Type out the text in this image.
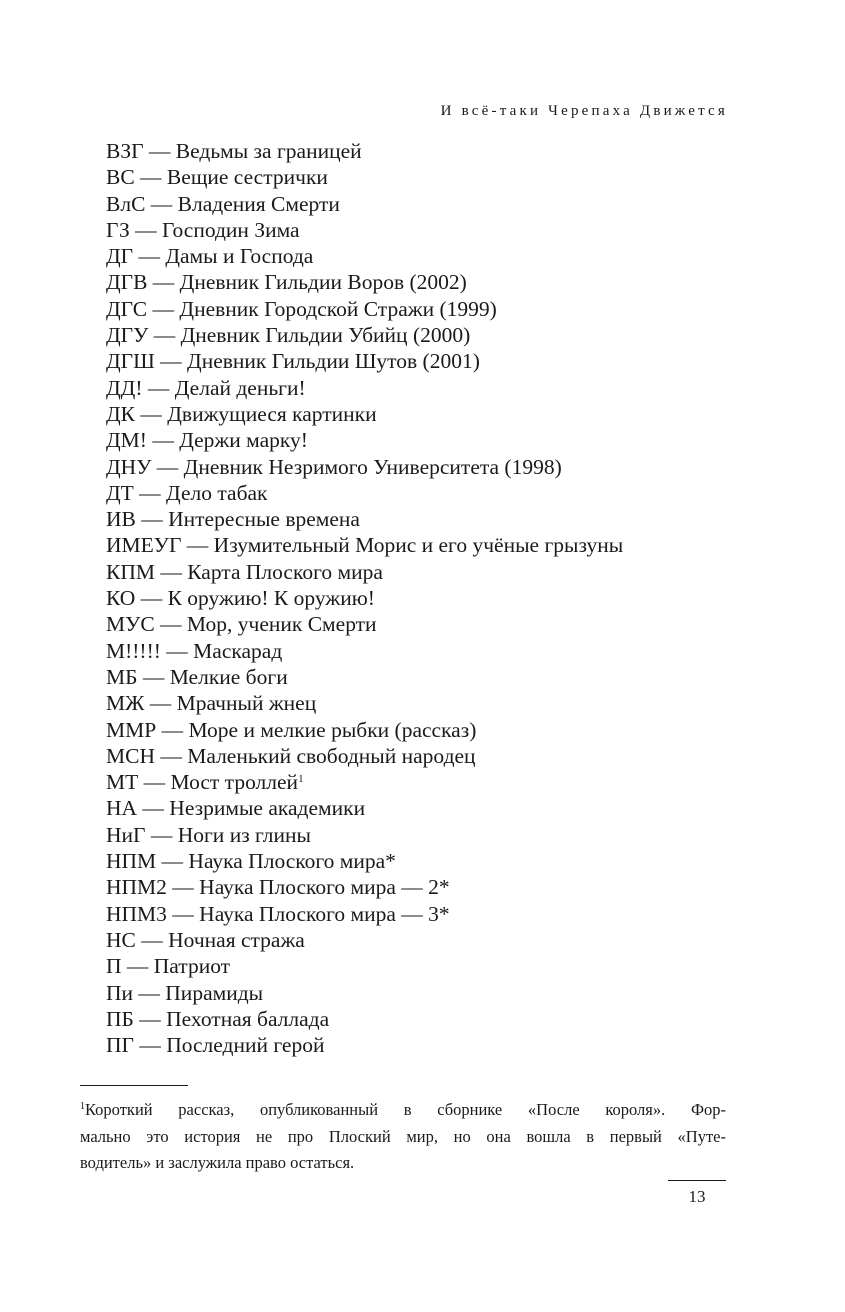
И всё-таки Черепаха Движется
ВЗГ — Ведьмы за границей
ВС — Вещие сестрички
ВлС — Владения Смерти
ГЗ — Господин Зима
ДГ — Дамы и Господа
ДГВ — Дневник Гильдии Воров (2002)
ДГС — Дневник Городской Стражи (1999)
ДГУ — Дневник Гильдии Убийц (2000)
ДГШ — Дневник Гильдии Шутов (2001)
ДД! — Делай деньги!
ДК — Движущиеся картинки
ДМ! — Держи марку!
ДНУ — Дневник Незримого Университета (1998)
ДТ — Дело табак
ИВ — Интересные времена
ИМЕУГ — Изумительный Морис и его учёные грызуны
КПМ — Карта Плоского мира
КО — К оружию! К оружию!
МУС — Мор, ученик Смерти
М!!!!! — Маскарад
МБ — Мелкие боги
МЖ — Мрачный жнец
ММР — Море и мелкие рыбки (рассказ)
МСН — Маленький свободный народец
МТ — Мост троллей$^1$
НА — Незримые академики
НиГ — Ноги из глины
НПМ — Наука Плоского мира*
НПМ2 — Наука Плоского мира — 2*
НПМ3 — Наука Плоского мира — 3*
НС — Ночная стража
П — Патриот
Пи — Пирамиды
ПБ — Пехотная баллада
ПГ — Последний герой
$^1$Короткий рассказ, опубликованный в сборнике «После короля». Фор-
мально это история не про Плоский мир, но она вошла в первый «Путе-
водитель» и заслужила право остаться.
13
